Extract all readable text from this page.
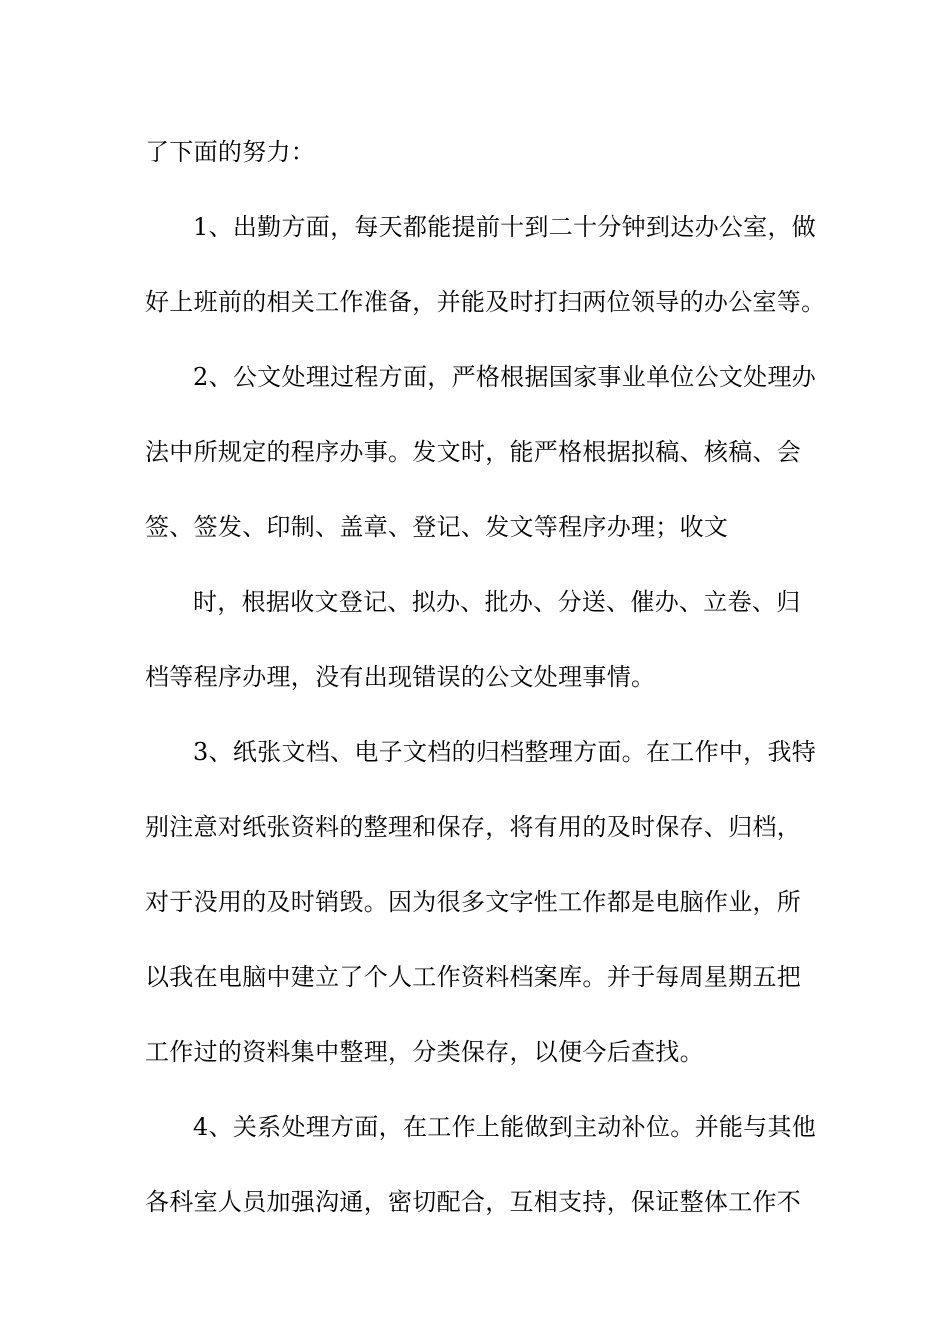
了下面的努力：
1、出勤方面，每天都能提前十到二十分钟到达办公室，做
好上班前的相关工作准备，并能及时打扫两位领导的办公室等。
2、公文处理过程方面，严格根据国家事业单位公文处理办
法中所规定的程序办事。发文时，能严格根据拟稿、核稿、会
签、签发、印制、盖章、登记、发文等程序办理；收文
时，根据收文登记、拟办、批办、分送、催办、立卷、归
档等程序办理，没有出现错误的公文处理事情。
3、纸张文档、电子文档的归档整理方面。在工作中，我特
别注意对纸张资料的整理和保存，将有用的及时保存、归档，
对于没用的及时销毁。因为很多文字性工作都是电脑作业，所
以我在电脑中建立了个人工作资料档案库。并于每周星期五把
工作过的资料集中整理，分类保存，以便今后查找。
4、关系处理方面，在工作上能做到主动补位。并能与其他
各科室人员加强沟通，密切配合，互相支持，保证整体工作不
